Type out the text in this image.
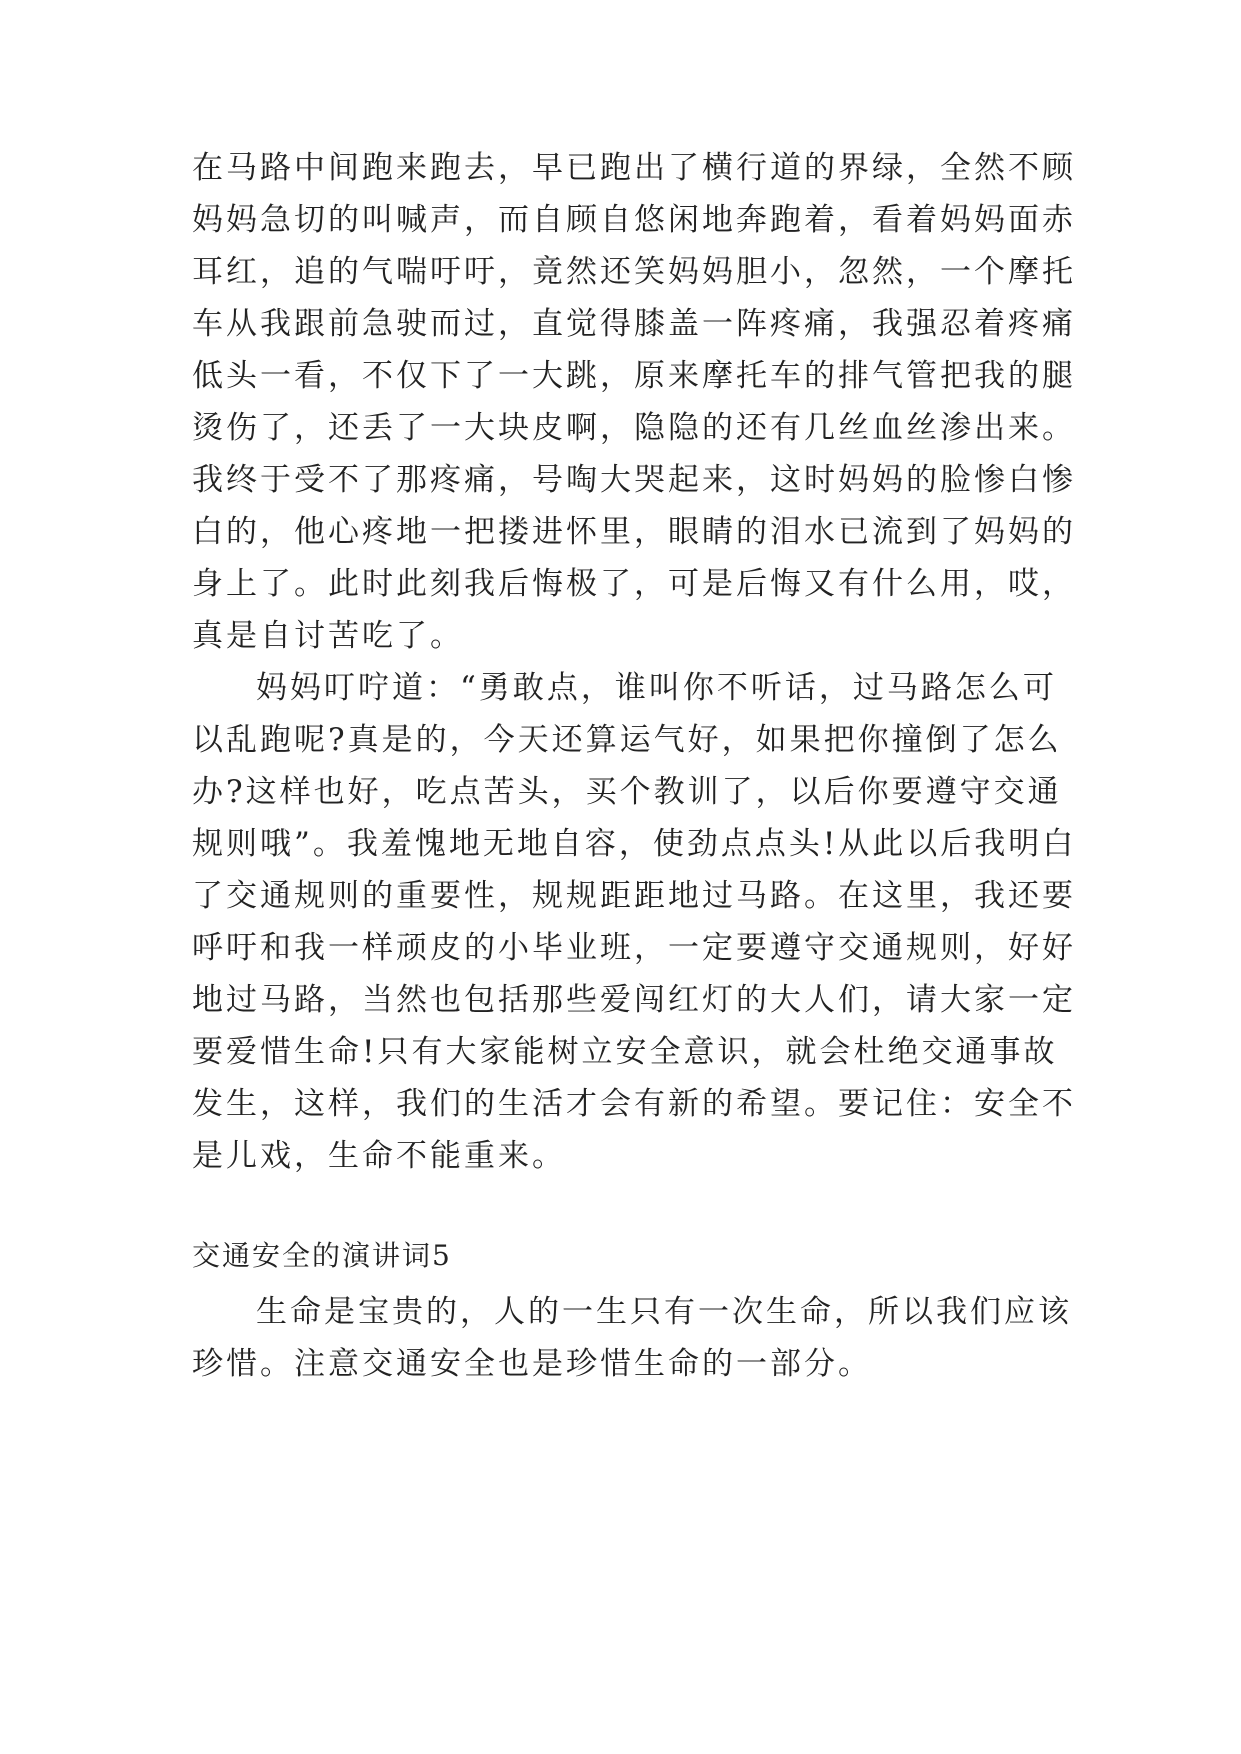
在马路中间跑来跑去，早已跑出了横行道的界绿，全然不顾
妈妈急切的叫喊声，而自顾自悠闲地奔跑着，看着妈妈面赤
耳红，追的气喘吁吁，竟然还笑妈妈胆小，忽然，一个摩托
车从我跟前急驶而过，直觉得膝盖一阵疼痛，我强忍着疼痛
低头一看，不仅下了一大跳，原来摩托车的排气管把我的腿
烫伤了，还丢了一大块皮啊，隐隐的还有几丝血丝渗出来。
我终于受不了那疼痛，号啕大哭起来，这时妈妈的脸惨白惨
白的，他心疼地一把搂进怀里，眼睛的泪水已流到了妈妈的
身上了。此时此刻我后悔极了，可是后悔又有什么用，哎，
真是自讨苦吃了。
妈妈叮咛道：“勇敢点，谁叫你不听话，过马路怎么可
以乱跑呢?真是的，今天还算运气好，如果把你撞倒了怎么
办?这样也好，吃点苦头，买个教训了，以后你要遵守交通
规则哦”。我羞愧地无地自容，使劲点点头!从此以后我明白
了交通规则的重要性，规规距距地过马路。在这里，我还要
呼吁和我一样顽皮的小毕业班，一定要遵守交通规则，好好
地过马路，当然也包括那些爱闯红灯的大人们，请大家一定
要爱惜生命!只有大家能树立安全意识，就会杜绝交通事故
发生，这样，我们的生活才会有新的希望。要记住：安全不
是儿戏，生命不能重来。
交通安全的演讲词5
生命是宝贵的，人的一生只有一次生命，所以我们应该
珍惜。注意交通安全也是珍惜生命的一部分。
